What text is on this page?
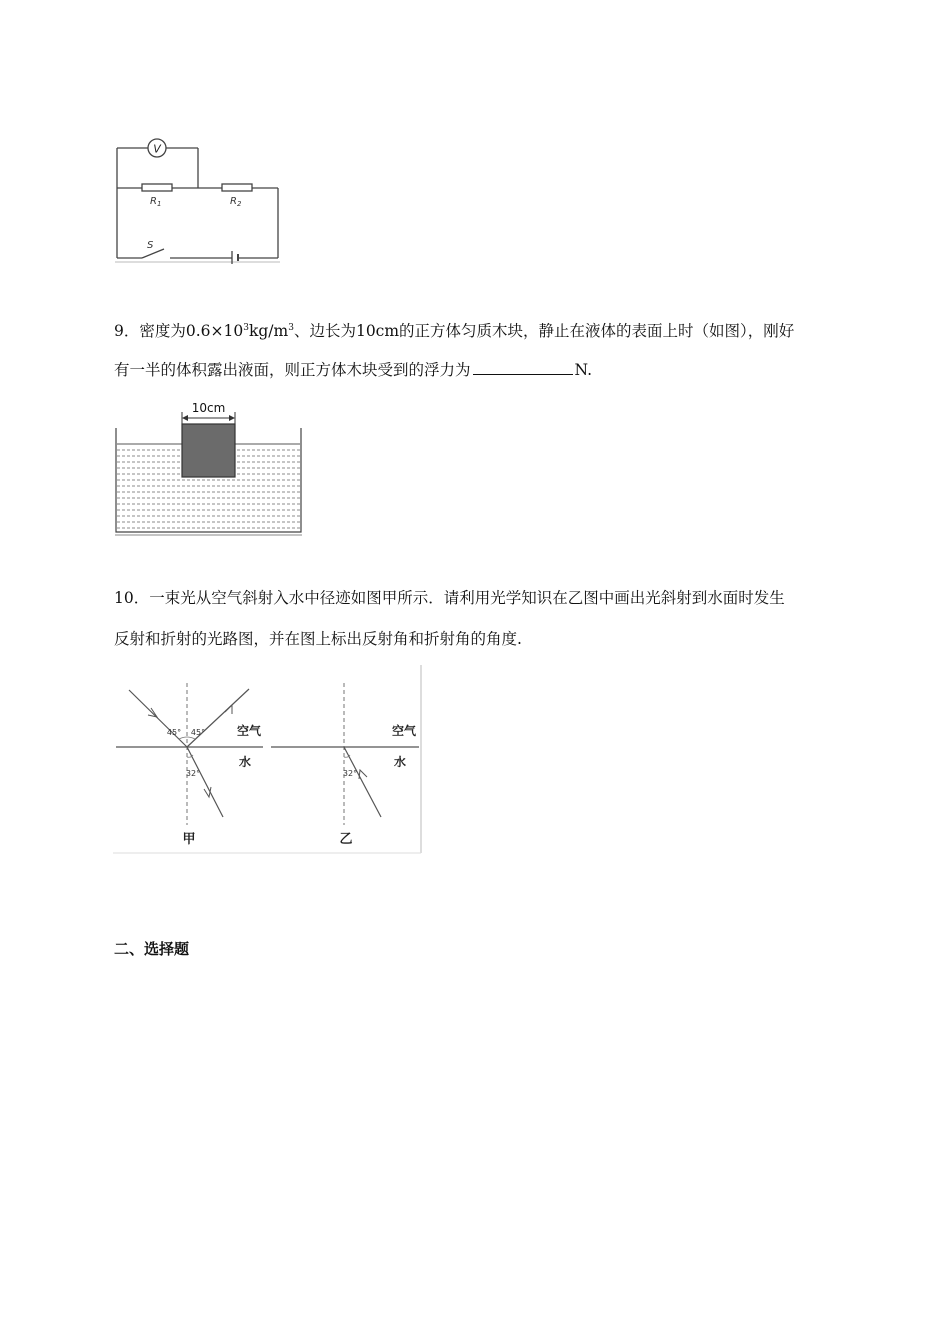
V
$R_1$	$R_2$
S
9．密度为$0.6\times 10^3kg/m^3$、边长为10cm的正方体匀质木块，静止在液体的表面上时（如图），刚好
有一半的体积露出液面，则正方体木块受到的浮力为	N.
10cm
10．一束光从空气斜射入水中径迹如图甲所示．请利用光学知识在乙图中画出光斜射到水面时发生
反射和折射的光路图，并在图上标出反射角和折射角的角度.
45° 45°
32°
空气
水
甲
32°
空气
水
乙
二、选择题
